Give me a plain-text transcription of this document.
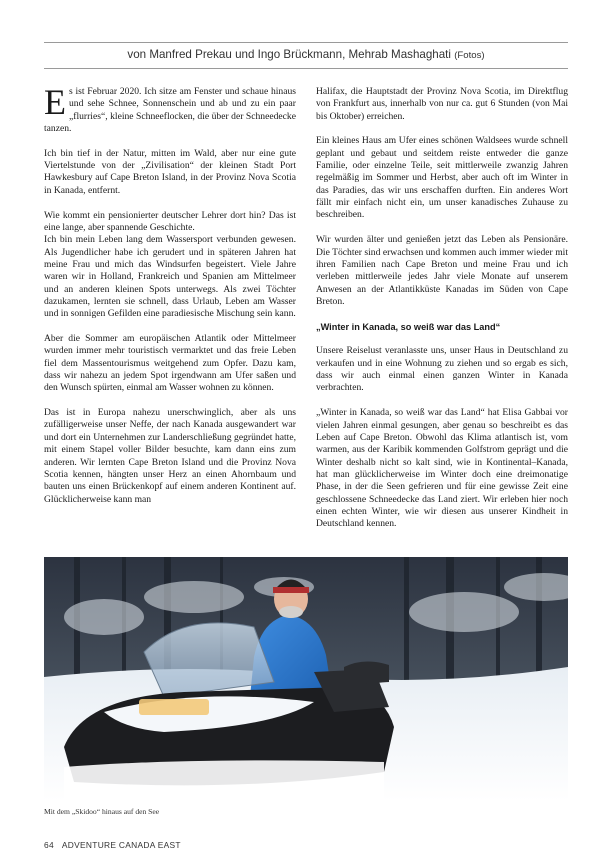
von Manfred Prekau und Ingo Brückmann, Mehrab Mashaghati (Fotos)

Es ist Februar 2020. Ich sitze am Fenster und schaue hinaus und sehe Schnee, Sonnenschein und ab und zu ein paar „flurries“, kleine Schneeflocken, die über der Schneedecke tanzen.

Ich bin tief in der Natur, mitten im Wald, aber nur eine gute Viertelstunde von der „Zivilisation“ der kleinen Stadt Port Hawkesbury auf Cape Breton Island, in der Provinz Nova Scotia in Kanada, entfernt.

Wie kommt ein pensionierter deutscher Lehrer dort hin? Das ist eine lange, aber spannende Geschichte.

Ich bin mein Leben lang dem Wassersport verbunden gewesen. Als Jugendlicher habe ich gerudert und in späteren Jahren hat meine Frau und mich das Windsurfen begeistert. Viele Jahre waren wir in Holland, Frankreich und Spanien am Mittelmeer und an anderen kleinen Spots unterwegs. Als zwei Töchter dazukamen, lernten sie schnell, dass Urlaub, Leben am Wasser und in sonnigen Gefilden eine paradiesische Mischung sein kann.

Aber die Sommer am europäischen Atlantik oder Mittelmeer wurden immer mehr touristisch vermarktet und das freie Leben fiel dem Massentourismus weitgehend zum Opfer. Dazu kam, dass wir nahezu an jedem Spot irgendwann am Ufer saßen und den Wunsch spürten, einmal am Wasser wohnen zu können.

Das ist in Europa nahezu unerschwinglich, aber als uns zufälligerweise unser Neffe, der nach Kanada ausgewandert war und dort ein Unternehmen zur Landerschließung gegründet hatte, mit einem Stapel voller Bilder besuchte, kam dann eins zum anderen. Wir lernten Cape Breton Island und die Provinz Nova Scotia kennen, hängten unser Herz an einen Ahornbaum und bauten uns einen Brückenkopf auf einem anderen Kontinent auf. Glücklicherweise kann man

Halifax, die Hauptstadt der Provinz Nova Scotia, im Direktflug von Frankfurt aus, innerhalb von nur ca. gut 6 Stunden (von Mai bis Oktober) erreichen.

Ein kleines Haus am Ufer eines schönen Waldsees wurde schnell geplant und gebaut und seitdem reiste entweder die ganze Familie, oder einzelne Teile, seit mittlerweile zwanzig Jahren regelmäßig im Sommer und Herbst, aber auch oft im Winter in das Paradies, das wir uns erschaffen durften. Ein anderes Wort fällt mir einfach nicht ein, um unser kanadisches Zuhause zu beschreiben.

Wir wurden älter und genießen jetzt das Leben als Pensionäre. Die Töchter sind erwachsen und kommen auch immer wieder mit ihren Familien nach Cape Breton und meine Frau und ich verleben mittlerweile jedes Jahr viele Monate auf unserem Anwesen an der Atlantikküste Kanadas im Süden von Cape Breton.

„Winter in Kanada, so weiß war das Land“

Unsere Reiselust veranlasste uns, unser Haus in Deutschland zu verkaufen und in eine Wohnung zu ziehen und so ergab es sich, dass wir auch einmal einen ganzen Winter in Kanada verbrachten.

„Winter in Kanada, so weiß war das Land“ hat Elisa Gabbai vor vielen Jahren einmal gesungen, aber genau so beschreibt es das Leben auf Cape Breton. Obwohl das Klima atlantisch ist, vom warmen, aus der Karibik kommenden Golfstrom geprägt und die Winter deshalb nicht so kalt sind, wie in Kontinental–Kanada, hat man glücklicherweise im Winter doch eine dreimonatige Phase, in der die Seen gefrieren und für eine gewisse Zeit eine geschlossene Schneedecke das Land ziert. Wir erleben hier noch einen echten Winter, wie wir diesen aus unserer Kindheit in Deutschland kennen.

Mit dem „Skidoo“ hinaus auf den See
64 ADVENTURE CANADA EAST
